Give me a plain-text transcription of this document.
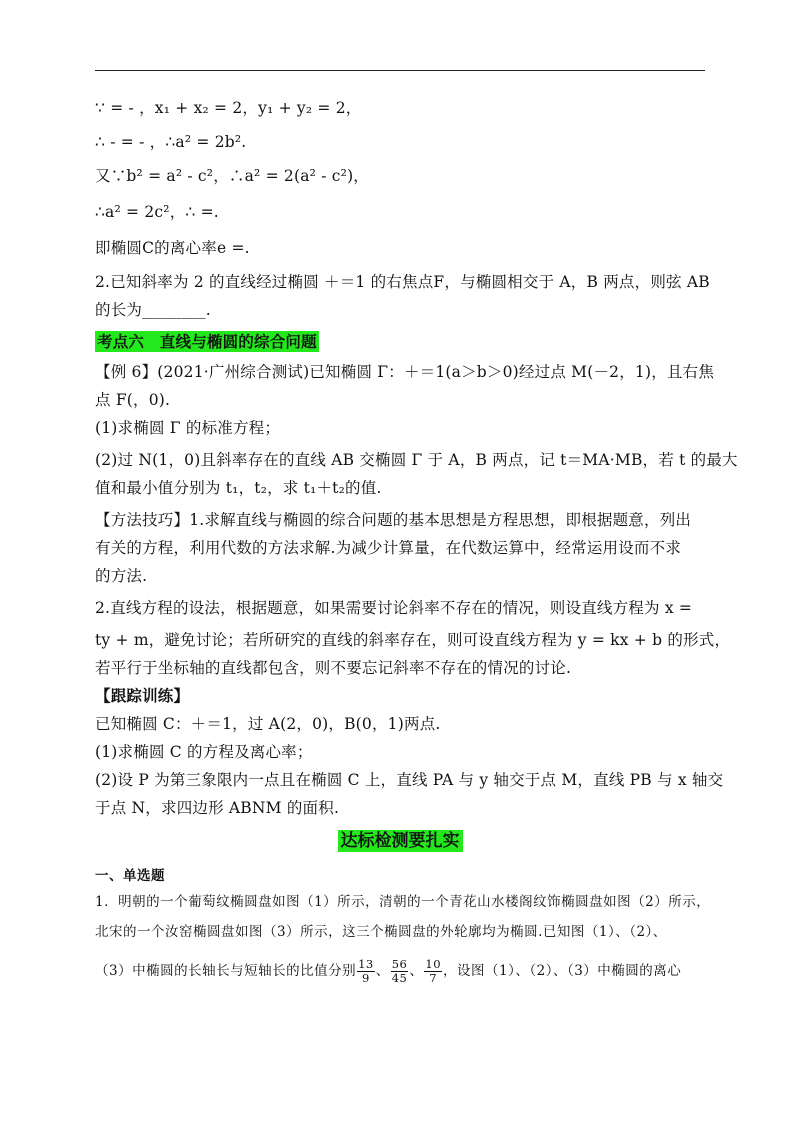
∵ = - ，x₁ + x₂ = 2，y₁ + y₂ = 2，
∴ - = - ，∴a² = 2b².
又∵b² = a² - c²，∴a² = 2(a² - c²)，
∴a² = 2c²，∴ =.
即椭圆C的离心率e =.
2.已知斜率为 2 的直线经过椭圆 ＋＝1 的右焦点F，与椭圆相交于 A，B 两点，则弦 AB
的长为________.
考点六　直线与椭圆的综合问题
【例 6】(2021·广州综合测试)已知椭圆 Γ：＋＝1(a＞b＞0)经过点 M(－2，1)，且右焦
点 F(，0).
(1)求椭圆 Γ 的标准方程；
(2)过 N(1，0)且斜率存在的直线 AB 交椭圆 Γ 于 A，B 两点，记 t＝MA·MB，若 t 的最大
值和最小值分别为 t₁，t₂，求 t₁＋t₂的值.
【方法技巧】1.求解直线与椭圆的综合问题的基本思想是方程思想，即根据题意，列出
有关的方程，利用代数的方法求解.为减少计算量，在代数运算中，经常运用设而不求
的方法.
2.直线方程的设法，根据题意，如果需要讨论斜率不存在的情况，则设直线方程为 x =
ty + m，避免讨论；若所研究的直线的斜率存在，则可设直线方程为 y = kx + b 的形式，
若平行于坐标轴的直线都包含，则不要忘记斜率不存在的情况的讨论.
【跟踪训练】
已知椭圆 C：＋＝1，过 A(2，0)，B(0，1)两点.
(1)求椭圆 C 的方程及离心率；
(2)设 P 为第三象限内一点且在椭圆 C 上，直线 PA 与 y 轴交于点 M，直线 PB 与 x 轴交
于点 N，求四边形 ABNM 的面积.
达标检测要扎实
一、单选题
1．明朝的一个葡萄纹椭圆盘如图（1）所示，清朝的一个青花山水楼阁纹饰椭圆盘如图（2）所示，
北宋的一个汝窑椭圆盘如图（3）所示，这三个椭圆盘的外轮廓均为椭圆.已知图（1）、（2）、
（3）中椭圆的长轴长与短轴长的比值分别 $\frac{13}{9}$ 、 $\frac{56}{45}$ 、 $\frac{10}{7}$ ，设图（1）、（2）、（3）中椭圆的离心
